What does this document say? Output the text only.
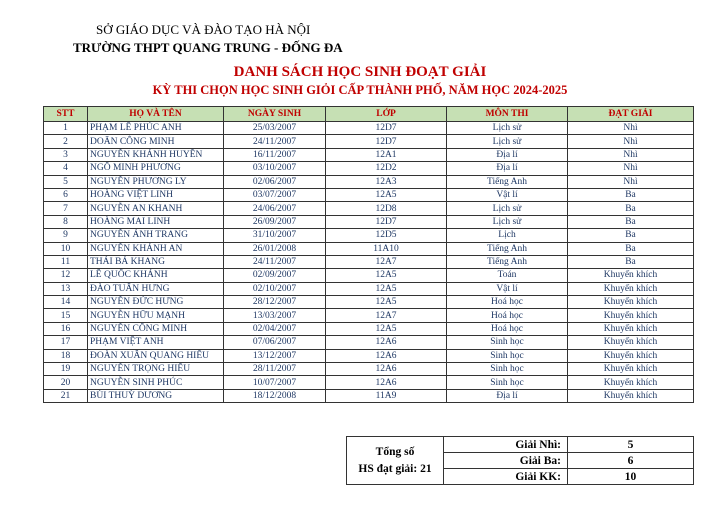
SỞ GIÁO DỤC VÀ ĐÀO TẠO HÀ NỘI
TRƯỜNG THPT QUANG TRUNG - ĐỐNG ĐA
DANH SÁCH HỌC SINH ĐOẠT GIẢI
KỲ THI CHỌN HỌC SINH GIỎI CẤP THÀNH PHỐ, NĂM HỌC 2024-2025
STT	HỌ VÀ TÊN	NGÀY SINH	LỚP	MÔN THI	ĐẠT GIẢI
1	PHẠM LÊ PHÚC ANH	25/03/2007	12D7	Lịch sử	Nhì
2	DOÃN CÔNG MINH	24/11/2007	12D7	Lịch sử	Nhì
3	NGUYỄN KHÁNH HUYỀN	16/11/2007	12A1	Địa lí	Nhì
4	NGÔ MINH PHƯƠNG	03/10/2007	12D2	Địa lí	Nhì
5	NGUYỄN PHƯƠNG LY	02/06/2007	12A3	Tiếng Anh	Nhì
6	HOÀNG VIỆT LINH	03/07/2007	12A5	Vật lí	Ba
7	NGUYỄN AN KHANH	24/06/2007	12D8	Lịch sử	Ba
8	HOÀNG MAI LINH	26/09/2007	12D7	Lịch sử	Ba
9	NGUYỄN ÁNH TRANG	31/10/2007	12D5	Lịch	Ba
10	NGUYỄN KHÁNH AN	26/01/2008	11A10	Tiếng Anh	Ba
11	THÁI BÁ KHANG	24/11/2007	12A7	Tiếng Anh	Ba
12	LÊ QUỐC KHÁNH	02/09/2007	12A5	Toán	Khuyến khích
13	ĐÀO TUẤN HƯNG	02/10/2007	12A5	Vật lí	Khuyến khích
14	NGUYỄN ĐỨC HƯNG	28/12/2007	12A5	Hoá học	Khuyến khích
15	NGUYỄN HỮU MẠNH	13/03/2007	12A7	Hoá học	Khuyến khích
16	NGUYỄN CÔNG MINH	02/04/2007	12A5	Hoá học	Khuyến khích
17	PHẠM VIỆT ANH	07/06/2007	12A6	Sinh học	Khuyến khích
18	ĐOÀN XUÂN QUANG HIẾU	13/12/2007	12A6	Sinh học	Khuyến khích
19	NGUYỄN TRỌNG HIẾU	28/11/2007	12A6	Sinh học	Khuyến khích
20	NGUYỄN SINH PHÚC	10/07/2007	12A6	Sinh học	Khuyến khích
21	BÙI THUỲ DƯƠNG	18/12/2008	11A9	Địa lí	Khuyến khích
Tổng số
HS đạt giải: 21	Giải Nhì:	5
	Giải Ba:	6
	Giải KK:	10
